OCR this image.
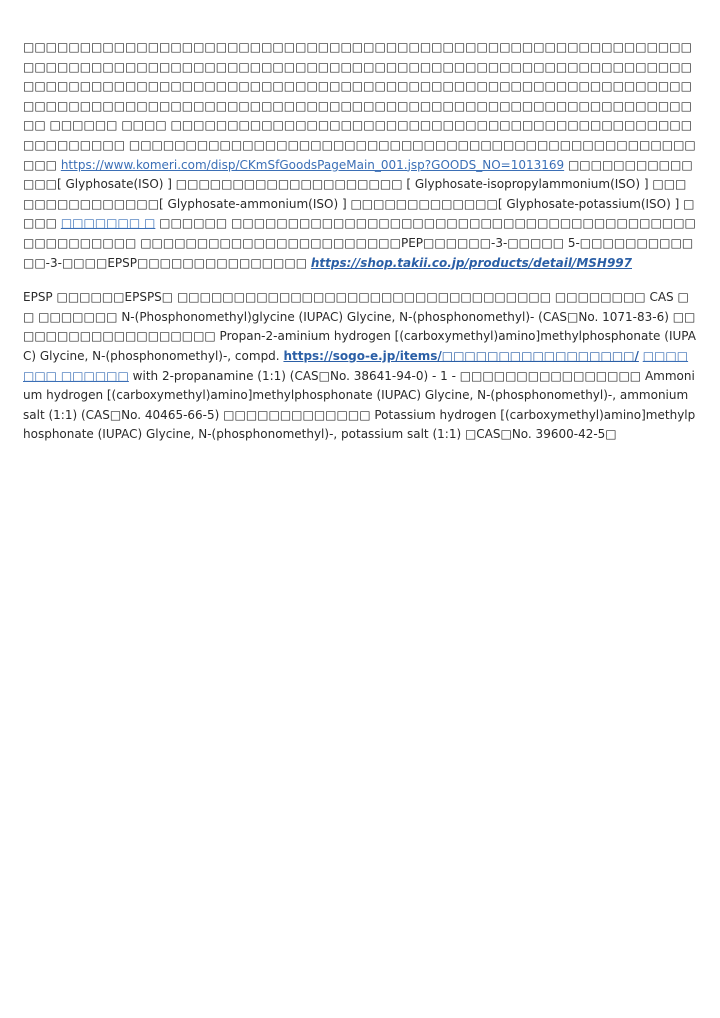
□□□□□□□□□□□□□□□□□□□□□□□□□□□□□□□□□□□□□□□□□□□□□□□□□□□□□□□□□□□□□□□□□□□□□□□□□□□□□□□□□□□□□□□□□□□□□□□□□□□□□□□□□□□□□□□□□□□□□□□□□□□□□□□□□□□□□□□□□□□□□□□□□□□□□□□□□□□□□□□□□□□□□□□□□□□□□□□□□□□□□□□□□□□□□□□□□□□□□□□□□□□□□□□□□□□□□□□□□□□□□□□□□□□□□□□□□□□□□□ □□□□□□ □□□□ □□□□□□□□□□□□□□□□□□□□□□□□□□□□□□□□□□□□□□□□□□□□□□□□□□□□□□□ □□□□□□□□□□□□□□□□□□□□□□□□□□□□□□□□□□□□□□□□□□□□□□□□□□□□□ https://www.komeri.com/disp/CKmSfGoodsPageMain_001.jsp?GOODS_NO=1013169 □□□□□□□□□□□□□□[ Glyphosate(ISO) ] □□□□□□□□□□□□□□□□□□□□ [ Glyphosate-isopropylammonium(ISO) ] □□□□□□□□□□□□□□□[ Glyphosate-ammonium(ISO) ] □□□□□□□□□□□□□[ Glyphosate-potassium(ISO) ] □□□□ □□□□□□□ □ □□□□□□ □□□□□□□□□□□□□□□□□□□□□□□□□□□□□□□□□□□□□□□□□□□□□□□□□□□ □□□□□□□□□□□□□□□□□□□□□□□PEP□□□□□□-3-□□□□□ 5-□□□□□□□□□□□□-3-□□□□EPSP□□□□□□□□□□□□□□□ https://shop.takii.co.jp/products/detail/MSH997

EPSP □□□□□□EPSPS□ □□□□□□□□□□□□□□□□□□□□□□□□□□□□□□□□□ □□□□□□□□ CAS □□ □□□□□□□ N-(Phosphonomethyl)glycine (IUPAC) Glycine, N-(phosphonomethyl)- (CAS□No. 1071-83-6) □□□□□□□□□□□□□□□□□□□ Propan-2-aminium hydrogen [(carboxymethyl)amino]methylphosphonate (IUPAC) Glycine, N-(phosphonomethyl)-, compd. https://sogo-e.jp/items/□□□□□□□□□□□□□□□□□/ □□□□□□□ □□□□□□ with 2-propanamine (1:1) (CAS□No. 38641-94-0) - 1 - □□□□□□□□□□□□□□□□ Ammonium hydrogen [(carboxymethyl)amino]methylphosphonate (IUPAC) Glycine, N-(phosphonomethyl)-, ammonium salt (1:1) (CAS□No. 40465-66-5) □□□□□□□□□□□□□ Potassium hydrogen [(carboxymethyl)amino]methylphosphonate (IUPAC) Glycine, N-(phosphonomethyl)-, potassium salt (1:1) □CAS□No. 39600-42-5□
